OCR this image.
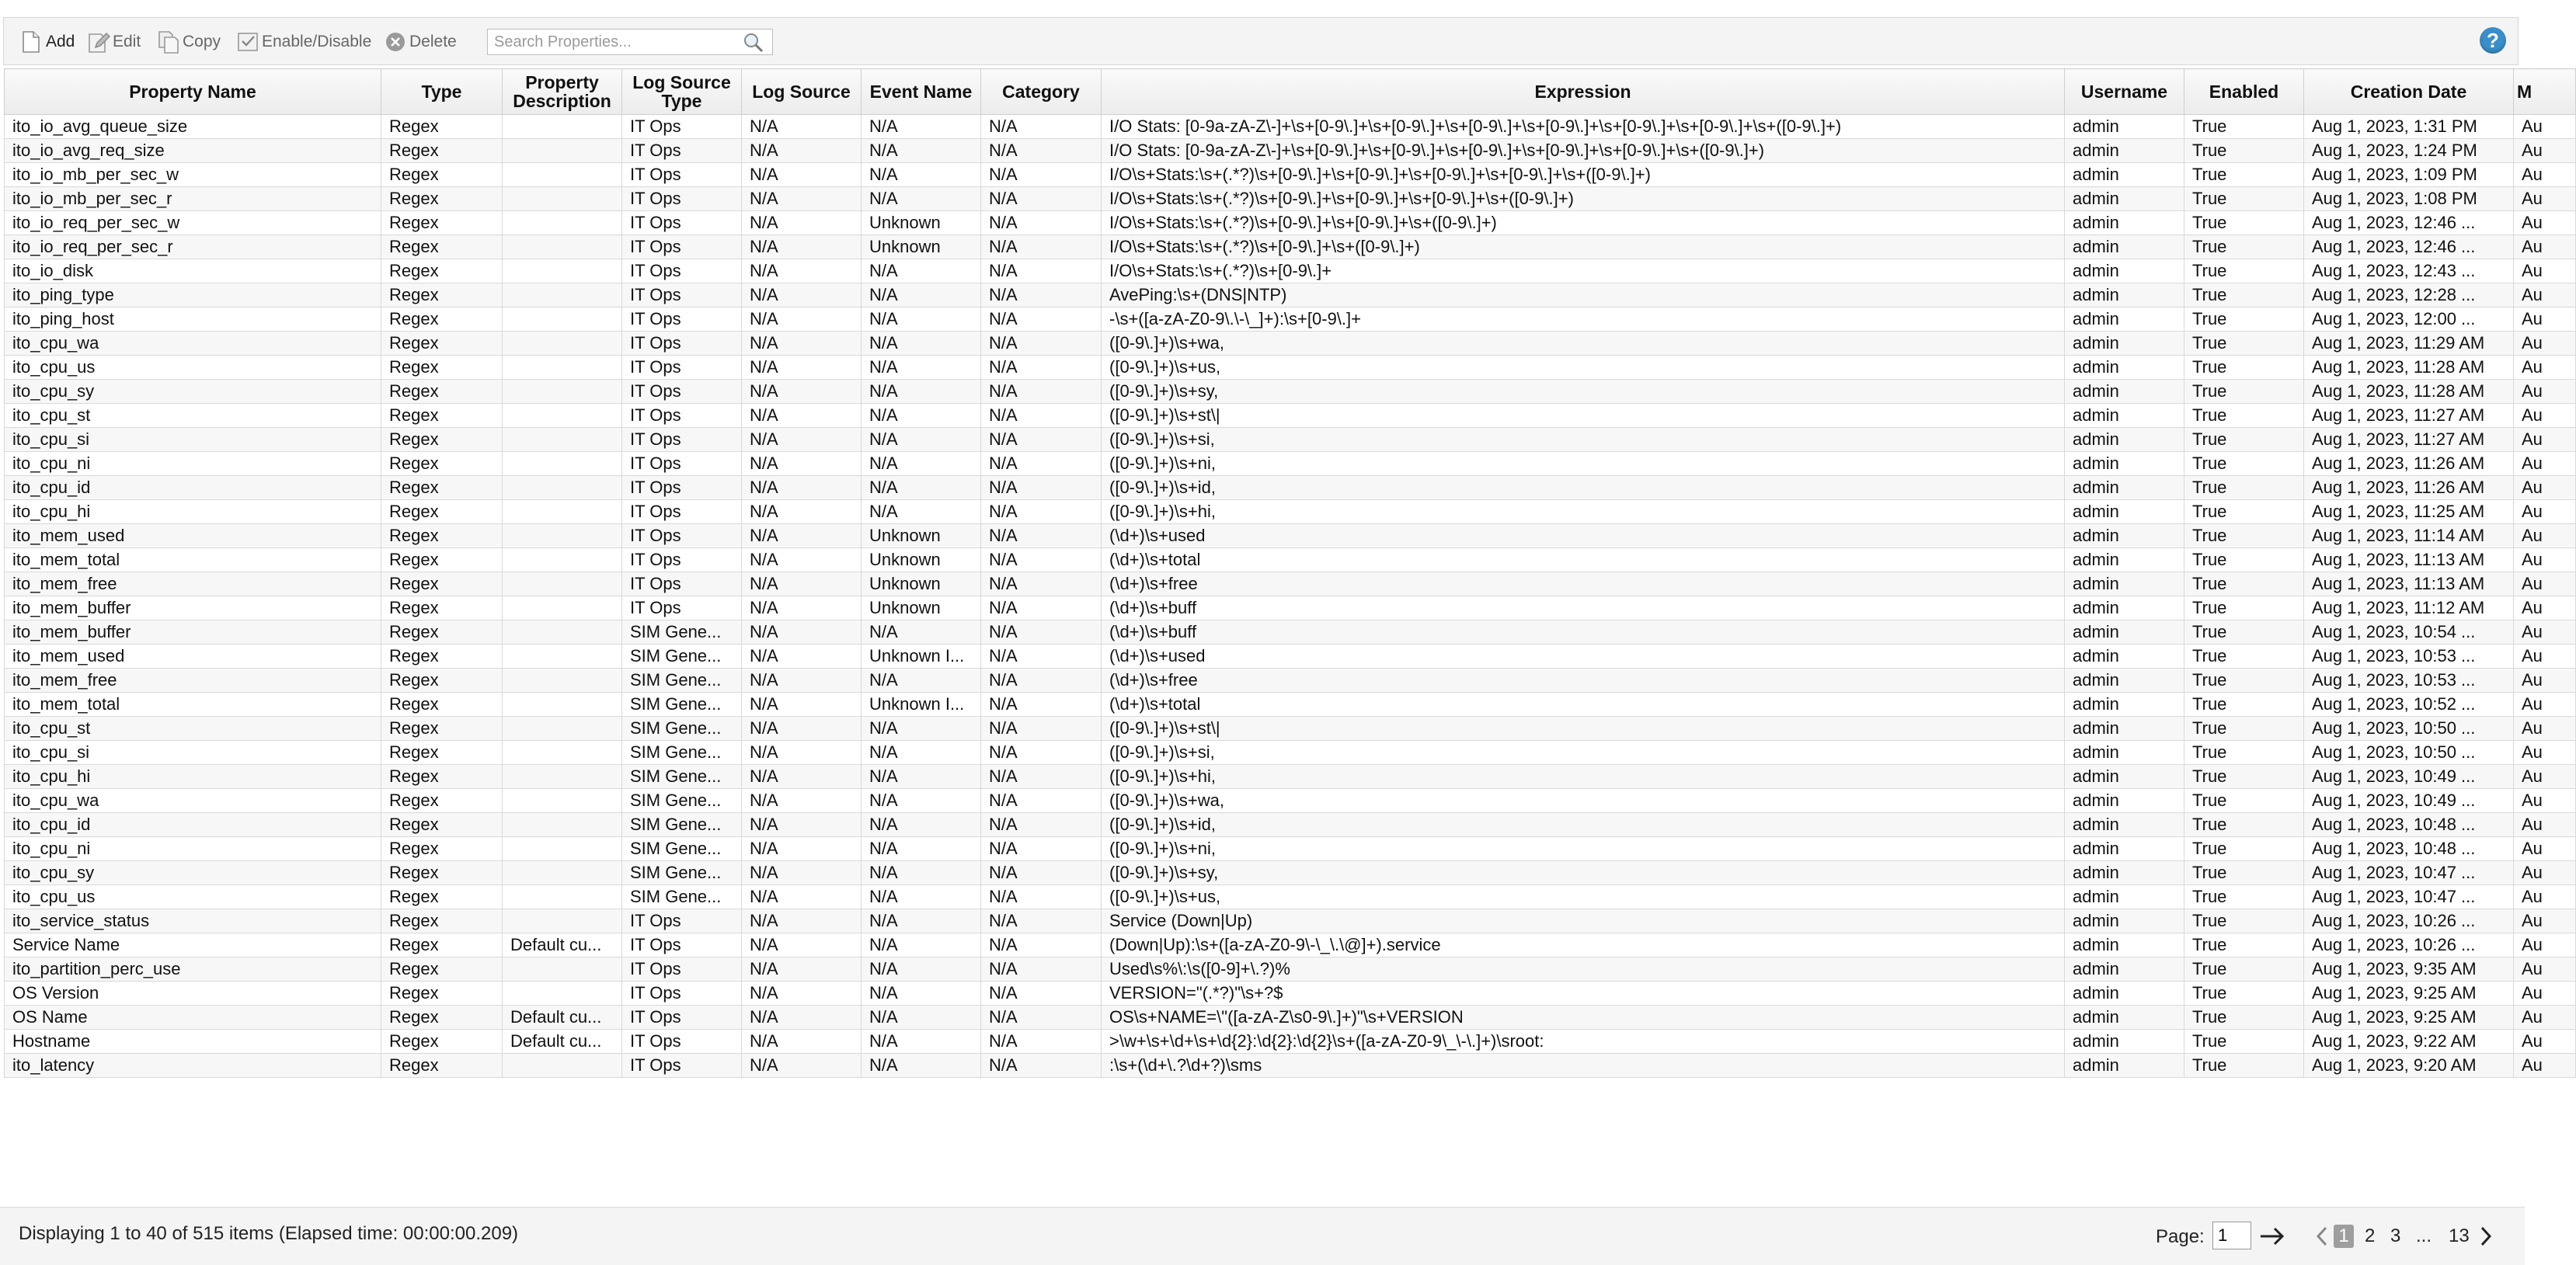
Add Edit	Copy	Enable/Disable Delete
Search Properties...	?
Property Name	Type	Property Description	Log Source Type	Log Source	Event Name	Category	Expression	Username	Enabled	Creation Date	M
ito_io_avg_queue_size	Regex		IT Ops	N/A	N/A	N/A	I/O Stats: [0-9a-zA-Z\-]+\s+[0-9\.]+\s+[0-9\.]+\s+[0-9\.]+\s+[0-9\.]+\s+[0-9\.]+\s+[0-9\.]+\s+([0-9\.]+)	admin	True	Aug 1, 2023, 1:31 PM	Au
ito_io_avg_req_size	Regex		IT Ops	N/A	N/A	N/A	I/O Stats: [0-9a-zA-Z\-]+\s+[0-9\.]+\s+[0-9\.]+\s+[0-9\.]+\s+[0-9\.]+\s+[0-9\.]+\s+([0-9\.]+)	admin	True	Aug 1, 2023, 1:24 PM	Au
ito_io_mb_per_sec_w	Regex		IT Ops	N/A	N/A	N/A	I/O\s+Stats:\s+(.*?)\s+[0-9\.]+\s+[0-9\.]+\s+[0-9\.]+\s+[0-9\.]+\s+([0-9\.]+)	admin	True	Aug 1, 2023, 1:09 PM	Au
ito_io_mb_per_sec_r	Regex		IT Ops	N/A	N/A	N/A	I/O\s+Stats:\s+(.*?)\s+[0-9\.]+\s+[0-9\.]+\s+[0-9\.]+\s+([0-9\.]+)	admin	True	Aug 1, 2023, 1:08 PM	Au
ito_io_req_per_sec_w	Regex		IT Ops	N/A	Unknown	N/A	I/O\s+Stats:\s+(.*?)\s+[0-9\.]+\s+[0-9\.]+\s+([0-9\.]+)	admin	True	Aug 1, 2023, 12:46 ...	Au
ito_io_req_per_sec_r	Regex		IT Ops	N/A	Unknown	N/A	I/O\s+Stats:\s+(.*?)\s+[0-9\.]+\s+([0-9\.]+)	admin	True	Aug 1, 2023, 12:46 ...	Au
ito_io_disk	Regex		IT Ops	N/A	N/A	N/A	I/O\s+Stats:\s+(.*?)\s+[0-9\.]+	admin	True	Aug 1, 2023, 12:43 ...	Au
ito_ping_type	Regex		IT Ops	N/A	N/A	N/A	AvePing:\s+(DNS|NTP)	admin	True	Aug 1, 2023, 12:28 ...	Au
ito_ping_host	Regex		IT Ops	N/A	N/A	N/A	-\s+([a-zA-Z0-9\.\-\_]+):\s+[0-9\.]+	admin	True	Aug 1, 2023, 12:00 ...	Au
ito_cpu_wa	Regex		IT Ops	N/A	N/A	N/A	([0-9\.]+)\s+wa,	admin	True	Aug 1, 2023, 11:29 AM	Au
ito_cpu_us	Regex		IT Ops	N/A	N/A	N/A	([0-9\.]+)\s+us,	admin	True	Aug 1, 2023, 11:28 AM	Au
ito_cpu_sy	Regex		IT Ops	N/A	N/A	N/A	([0-9\.]+)\s+sy,	admin	True	Aug 1, 2023, 11:28 AM	Au
ito_cpu_st	Regex		IT Ops	N/A	N/A	N/A	([0-9\.]+)\s+st\|	admin	True	Aug 1, 2023, 11:27 AM	Au
ito_cpu_si	Regex		IT Ops	N/A	N/A	N/A	([0-9\.]+)\s+si,	admin	True	Aug 1, 2023, 11:27 AM	Au
ito_cpu_ni	Regex		IT Ops	N/A	N/A	N/A	([0-9\.]+)\s+ni,	admin	True	Aug 1, 2023, 11:26 AM	Au
ito_cpu_id	Regex		IT Ops	N/A	N/A	N/A	([0-9\.]+)\s+id,	admin	True	Aug 1, 2023, 11:26 AM	Au
ito_cpu_hi	Regex		IT Ops	N/A	N/A	N/A	([0-9\.]+)\s+hi,	admin	True	Aug 1, 2023, 11:25 AM	Au
ito_mem_used	Regex		IT Ops	N/A	Unknown	N/A	(\d+)\s+used	admin	True	Aug 1, 2023, 11:14 AM	Au
ito_mem_total	Regex		IT Ops	N/A	Unknown	N/A	(\d+)\s+total	admin	True	Aug 1, 2023, 11:13 AM	Au
ito_mem_free	Regex		IT Ops	N/A	Unknown	N/A	(\d+)\s+free	admin	True	Aug 1, 2023, 11:13 AM	Au
ito_mem_buffer	Regex		IT Ops	N/A	Unknown	N/A	(\d+)\s+buff	admin	True	Aug 1, 2023, 11:12 AM	Au
ito_mem_buffer	Regex		SIM Gene...	N/A	N/A	N/A	(\d+)\s+buff	admin	True	Aug 1, 2023, 10:54 ...	Au
ito_mem_used	Regex		SIM Gene...	N/A	Unknown I...	N/A	(\d+)\s+used	admin	True	Aug 1, 2023, 10:53 ...	Au
ito_mem_free	Regex		SIM Gene...	N/A	N/A	N/A	(\d+)\s+free	admin	True	Aug 1, 2023, 10:53 ...	Au
ito_mem_total	Regex		SIM Gene...	N/A	Unknown I...	N/A	(\d+)\s+total	admin	True	Aug 1, 2023, 10:52 ...	Au
ito_cpu_st	Regex		SIM Gene...	N/A	N/A	N/A	([0-9\.]+)\s+st\|	admin	True	Aug 1, 2023, 10:50 ...	Au
ito_cpu_si	Regex		SIM Gene...	N/A	N/A	N/A	([0-9\.]+)\s+si,	admin	True	Aug 1, 2023, 10:50 ...	Au
ito_cpu_hi	Regex		SIM Gene...	N/A	N/A	N/A	([0-9\.]+)\s+hi,	admin	True	Aug 1, 2023, 10:49 ...	Au
ito_cpu_wa	Regex		SIM Gene...	N/A	N/A	N/A	([0-9\.]+)\s+wa,	admin	True	Aug 1, 2023, 10:49 ...	Au
ito_cpu_id	Regex		SIM Gene...	N/A	N/A	N/A	([0-9\.]+)\s+id,	admin	True	Aug 1, 2023, 10:48 ...	Au
ito_cpu_ni	Regex		SIM Gene...	N/A	N/A	N/A	([0-9\.]+)\s+ni,	admin	True	Aug 1, 2023, 10:48 ...	Au
ito_cpu_sy	Regex		SIM Gene...	N/A	N/A	N/A	([0-9\.]+)\s+sy,	admin	True	Aug 1, 2023, 10:47 ...	Au
ito_cpu_us	Regex		SIM Gene...	N/A	N/A	N/A	([0-9\.]+)\s+us,	admin	True	Aug 1, 2023, 10:47 ...	Au
ito_service_status	Regex		IT Ops	N/A	N/A	N/A	Service (Down|Up)	admin	True	Aug 1, 2023, 10:26 ...	Au
Service Name	Regex	Default cu...	IT Ops	N/A	N/A	N/A	(Down|Up):\s+([a-zA-Z0-9\-\_\.\@]+).service	admin	True	Aug 1, 2023, 10:26 ...	Au
ito_partition_perc_use	Regex		IT Ops	N/A	N/A	N/A	Used\s%\:\s([0-9]+\.?)%	admin	True	Aug 1, 2023, 9:35 AM	Au
OS Version	Regex		IT Ops	N/A	N/A	N/A	VERSION="(.*?)"\s+?$	admin	True	Aug 1, 2023, 9:25 AM	Au
OS Name	Regex	Default cu...	IT Ops	N/A	N/A	N/A	OS\s+NAME=\"([a-zA-Z\s0-9\.]+)"\s+VERSION	admin	True	Aug 1, 2023, 9:25 AM	Au
Hostname	Regex	Default cu...	IT Ops	N/A	N/A	N/A	>\w+\s+\d+\s+\d{2}:\d{2}:\d{2}\s+([a-zA-Z0-9\_\-\.]+)\sroot:	admin	True	Aug 1, 2023, 9:22 AM	Au
ito_latency	Regex		IT Ops	N/A	N/A	N/A	:\s+(\d+\.?\d+?)\sms	admin	True	Aug 1, 2023, 9:20 AM	Au
Displaying 1 to 40 of 515 items (Elapsed time: 00:00:00.209)	Page:
1	1 2 3 ... 13
